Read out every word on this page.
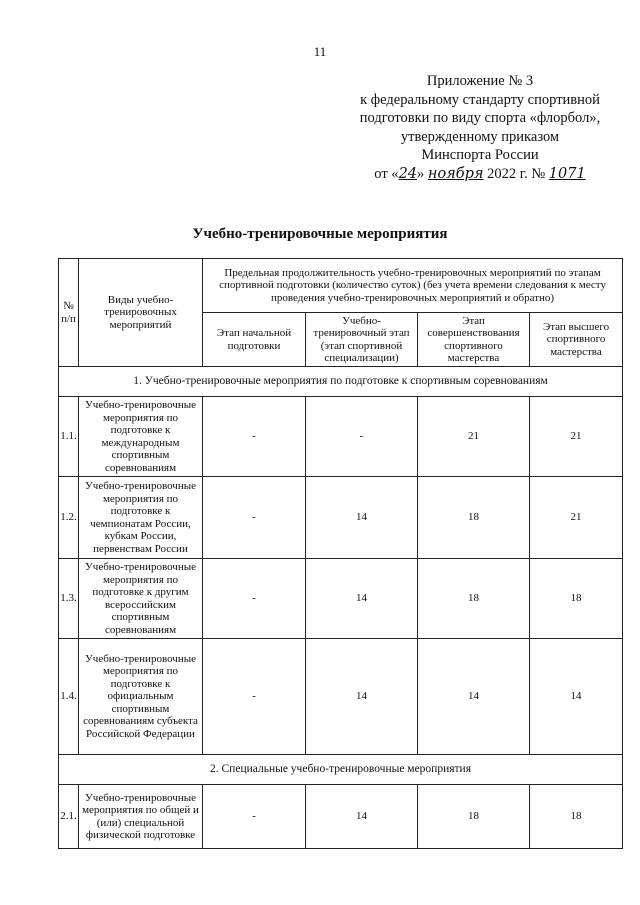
11
Приложение № 3
к федеральному стандарту спортивной
подготовки по виду спорта «флорбол»,
утвержденному приказом
Минспорта России
от «24» ноября 2022 г. № 1071
Учебно-тренировочные мероприятия
№ п/п	Виды учебно-тренировочных мероприятий	Предельная продолжительность учебно-тренировочных мероприятий по этапам спортивной подготовки (количество суток) (без учета времени следования к месту проведения учебно-тренировочных мероприятий и обратно)			
		Этап начальной подготовки	Учебно-тренировочный этап (этап спортивной специализации)	Этап совершенствования спортивного мастерства	Этап высшего спортивного мастерства
1. Учебно-тренировочные мероприятия по подготовке к спортивным соревнованиям					
1.1.	Учебно-тренировочные мероприятия по подготовке к международным спортивным соревнованиям	-	-	21	21
1.2.	Учебно-тренировочные мероприятия по подготовке к чемпионатам России, кубкам России, первенствам России	-	14	18	21
1.3.	Учебно-тренировочные мероприятия по подготовке к другим всероссийским спортивным соревнованиям	-	14	18	18
1.4.	Учебно-тренировочные мероприятия по подготовке к официальным спортивным соревнованиям субъекта Российской Федерации	-	14	14	14
2. Специальные учебно-тренировочные мероприятия					
2.1.	Учебно-тренировочные мероприятия по общей и (или) специальной физической подготовке	-	14	18	18
